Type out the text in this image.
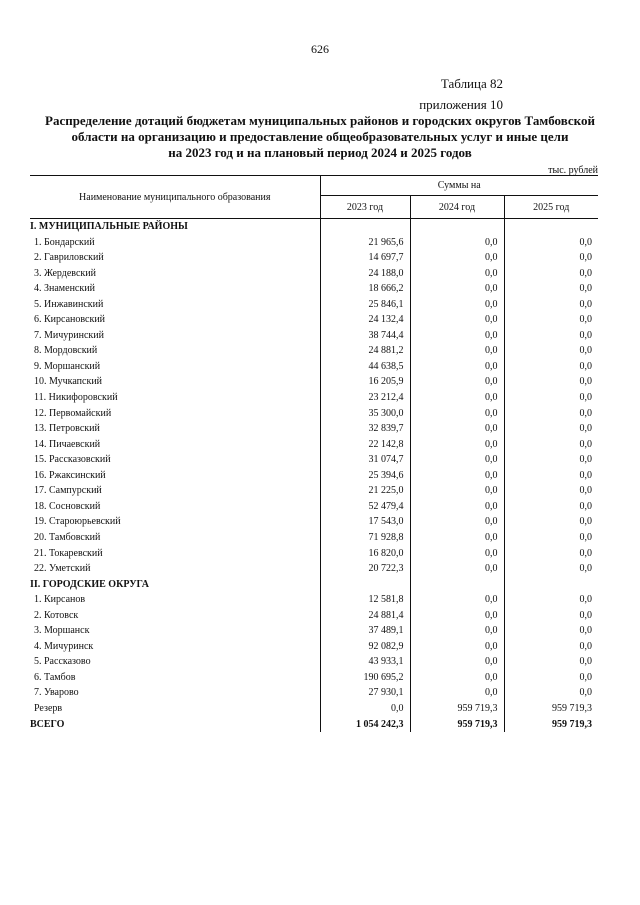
626
Таблица 82
приложения 10
Распределение дотаций бюджетам муниципальных районов и городских округов Тамбовской
области на организацию и предоставление общеобразовательных услуг и иные цели
на 2023 год и на плановый период 2024 и 2025 годов
тыс. рублей
Наименование муниципального образования	Суммы на		
	2023 год	2024 год	2025 год
I. МУНИЦИПАЛЬНЫЕ РАЙОНЫ			
1. Бондарский	21 965,6	0,0	0,0
2. Гавриловский	14 697,7	0,0	0,0
3. Жердевский	24 188,0	0,0	0,0
4. Знаменский	18 666,2	0,0	0,0
5. Инжавинский	25 846,1	0,0	0,0
6. Кирсановский	24 132,4	0,0	0,0
7. Мичуринский	38 744,4	0,0	0,0
8. Мордовский	24 881,2	0,0	0,0
9. Моршанский	44 638,5	0,0	0,0
10. Мучкапский	16 205,9	0,0	0,0
11. Никифоровский	23 212,4	0,0	0,0
12. Первомайский	35 300,0	0,0	0,0
13. Петровский	32 839,7	0,0	0,0
14. Пичаевский	22 142,8	0,0	0,0
15. Рассказовский	31 074,7	0,0	0,0
16. Ржаксинский	25 394,6	0,0	0,0
17. Сампурский	21 225,0	0,0	0,0
18. Сосновский	52 479,4	0,0	0,0
19. Староюрьевский	17 543,0	0,0	0,0
20. Тамбовский	71 928,8	0,0	0,0
21. Токаревский	16 820,0	0,0	0,0
22. Уметский	20 722,3	0,0	0,0
II. ГОРОДСКИЕ ОКРУГА			
1. Кирсанов	12 581,8	0,0	0,0
2. Котовск	24 881,4	0,0	0,0
3. Моршанск	37 489,1	0,0	0,0
4. Мичуринск	92 082,9	0,0	0,0
5. Рассказово	43 933,1	0,0	0,0
6. Тамбов	190 695,2	0,0	0,0
7. Уварово	27 930,1	0,0	0,0
Резерв	0,0	959 719,3	959 719,3
ВСЕГО	1 054 242,3	959 719,3	959 719,3
